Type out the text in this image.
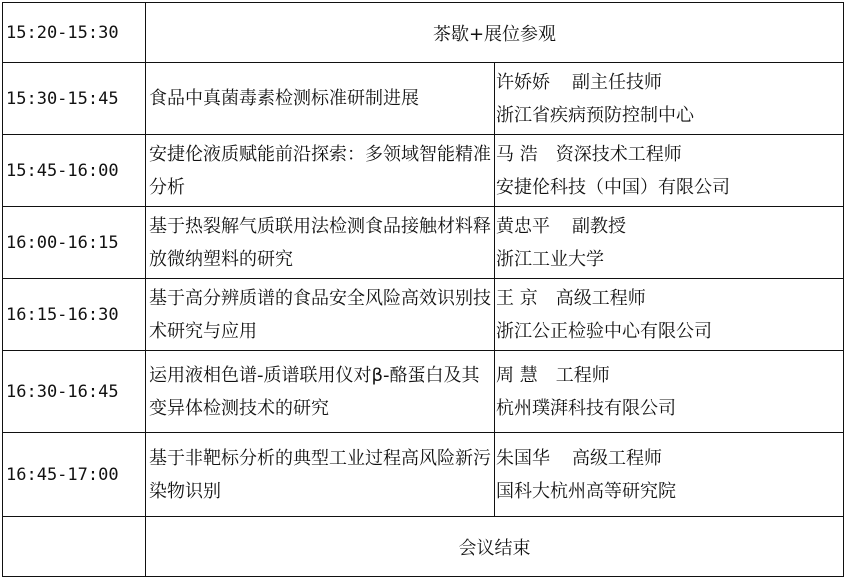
15:20-15:30	茶歇+展位参观	
15:30-15:45	食品中真菌毒素检测标准研制进展	许娇娇 副主任技师
浙江省疾病预防控制中心

15:45-16:00	安捷伦液质赋能前沿探索：多领域智能精准分析	马 浩 资深技术工程师
安捷伦科技（中国）有限公司

16:00-16:15	基于热裂解气质联用法检测食品接触材料释放微纳塑料的研究	黄忠平 副教授
浙江工业大学

16:15-16:30	基于高分辨质谱的食品安全风险高效识别技术研究与应用	王 京 高级工程师
浙江公正检验中心有限公司

16:30-16:45	运用液相色谱-质谱联用仪对β-酪蛋白及其变异体检测技术的研究	周 慧 工程师
杭州璞湃科技有限公司

16:45-17:00	基于非靶标分析的典型工业过程高风险新污染物识别	朱国华 高级工程师
国科大杭州高等研究院

	会议结束	
